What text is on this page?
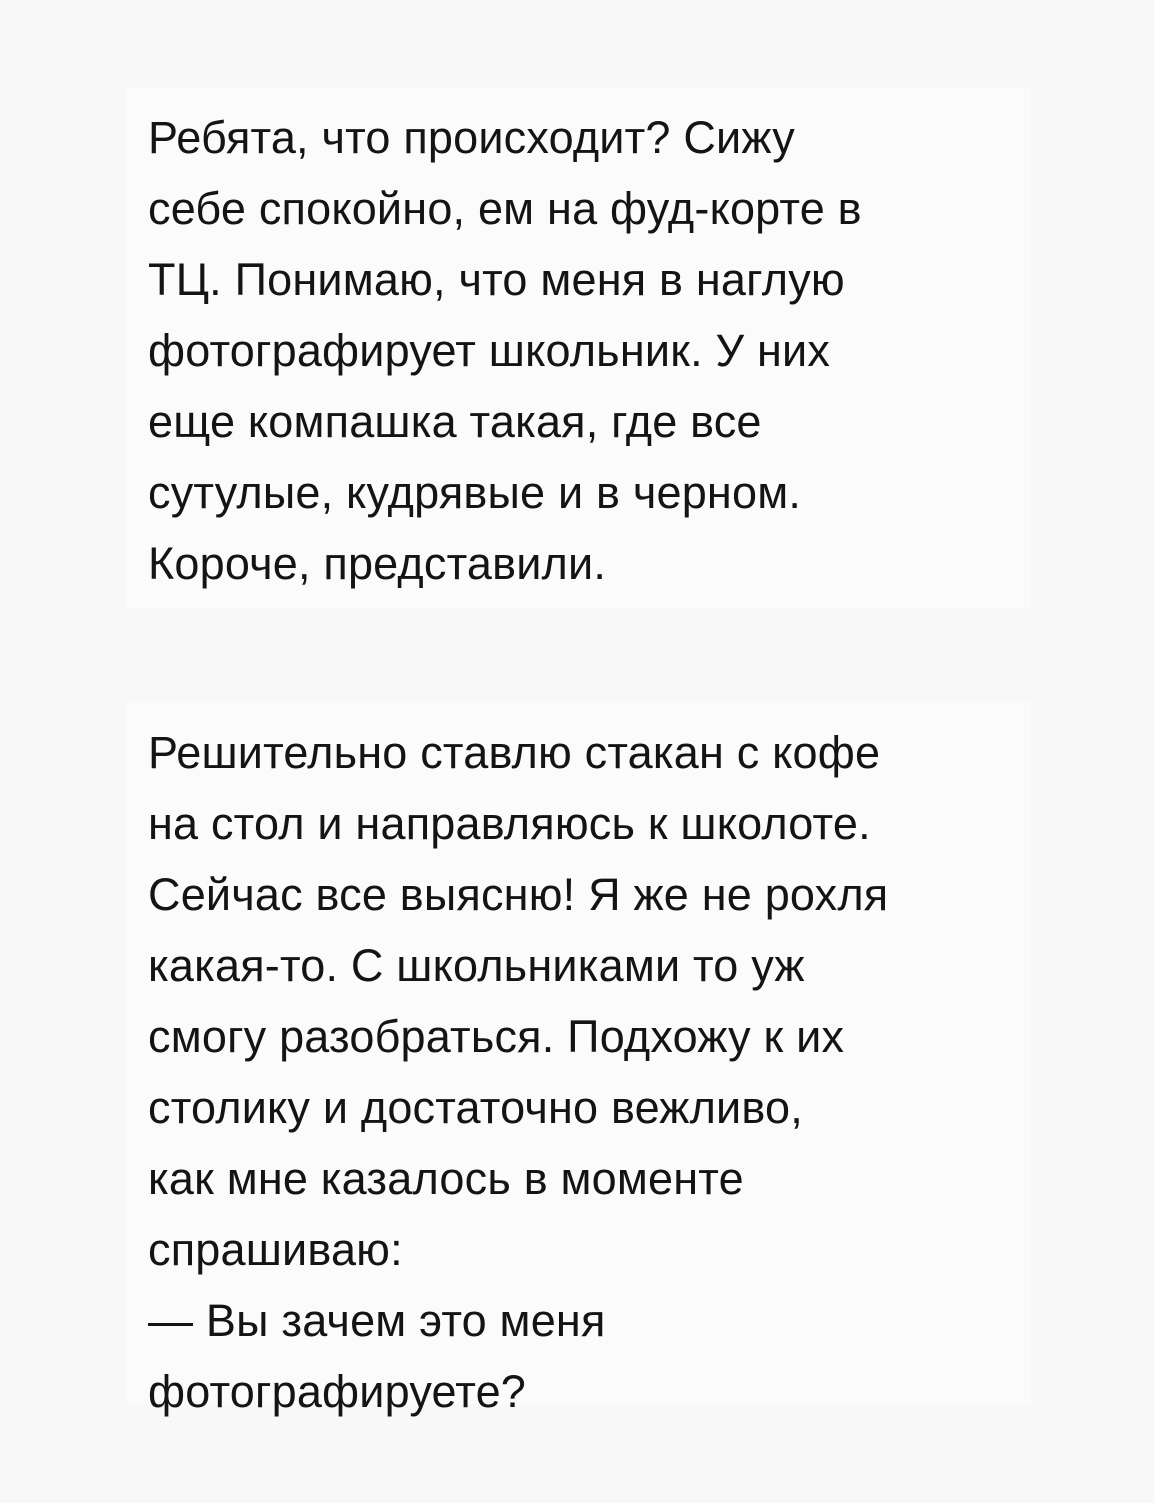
Ребята, что происходит? Сижу
себе спокойно, ем на фуд-корте в
ТЦ. Понимаю, что меня в наглую
фотографирует школьник. У них
еще компашка такая, где все
сутулые, кудрявые и в черном.
Короче, представили.
Решительно ставлю стакан с кофе
на стол и направляюсь к школоте.
Сейчас все выясню! Я же не рохля
какая-то. С школьниками то уж
смогу разобраться. Подхожу к их
столику и достаточно вежливо,
как мне казалось в моменте
спрашиваю:
— Вы зачем это меня
фотографируете?
